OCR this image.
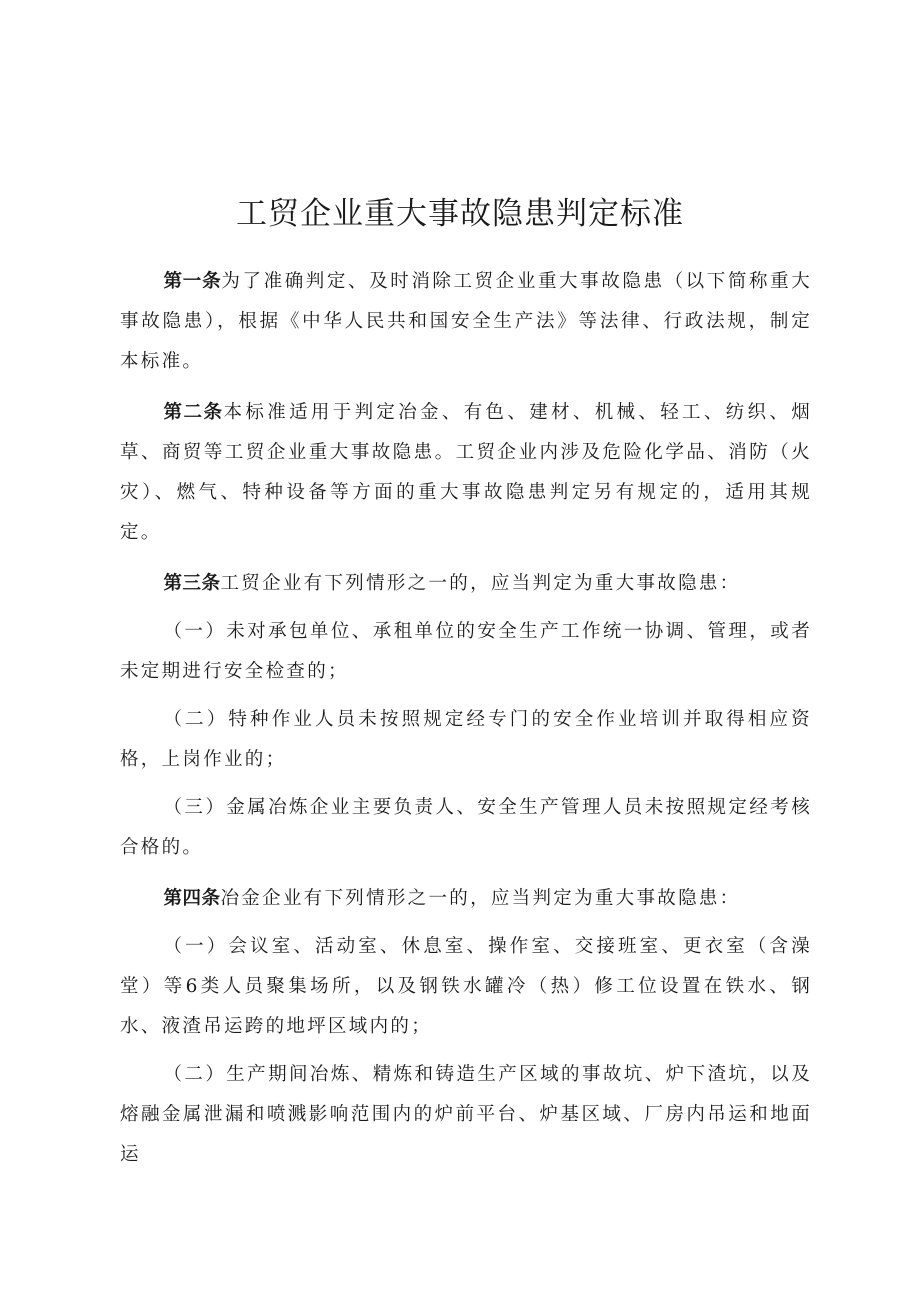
工贸企业重大事故隐患判定标准

第一条为了准确判定、及时消除工贸企业重大事故隐患（以下简称重大事故隐患），根据《中华人民共和国安全生产法》等法律、行政法规，制定本标准。

第二条本标准适用于判定冶金、有色、建材、机械、轻工、纺织、烟草、商贸等工贸企业重大事故隐患。工贸企业内涉及危险化学品、消防（火灾）、燃气、特种设备等方面的重大事故隐患判定另有规定的，适用其规定。

第三条工贸企业有下列情形之一的，应当判定为重大事故隐患：

（一）未对承包单位、承租单位的安全生产工作统一协调、管理，或者未定期进行安全检查的；

（二）特种作业人员未按照规定经专门的安全作业培训并取得相应资格，上岗作业的；

（三）金属冶炼企业主要负责人、安全生产管理人员未按照规定经考核合格的。

第四条冶金企业有下列情形之一的，应当判定为重大事故隐患：

（一）会议室、活动室、休息室、操作室、交接班室、更衣室（含澡堂）等6类人员聚集场所，以及钢铁水罐冷（热）修工位设置在铁水、钢水、液渣吊运跨的地坪区域内的；

（二）生产期间冶炼、精炼和铸造生产区域的事故坑、炉下渣坑，以及熔融金属泄漏和喷溅影响范围内的炉前平台、炉基区域、厂房内吊运和地面运
